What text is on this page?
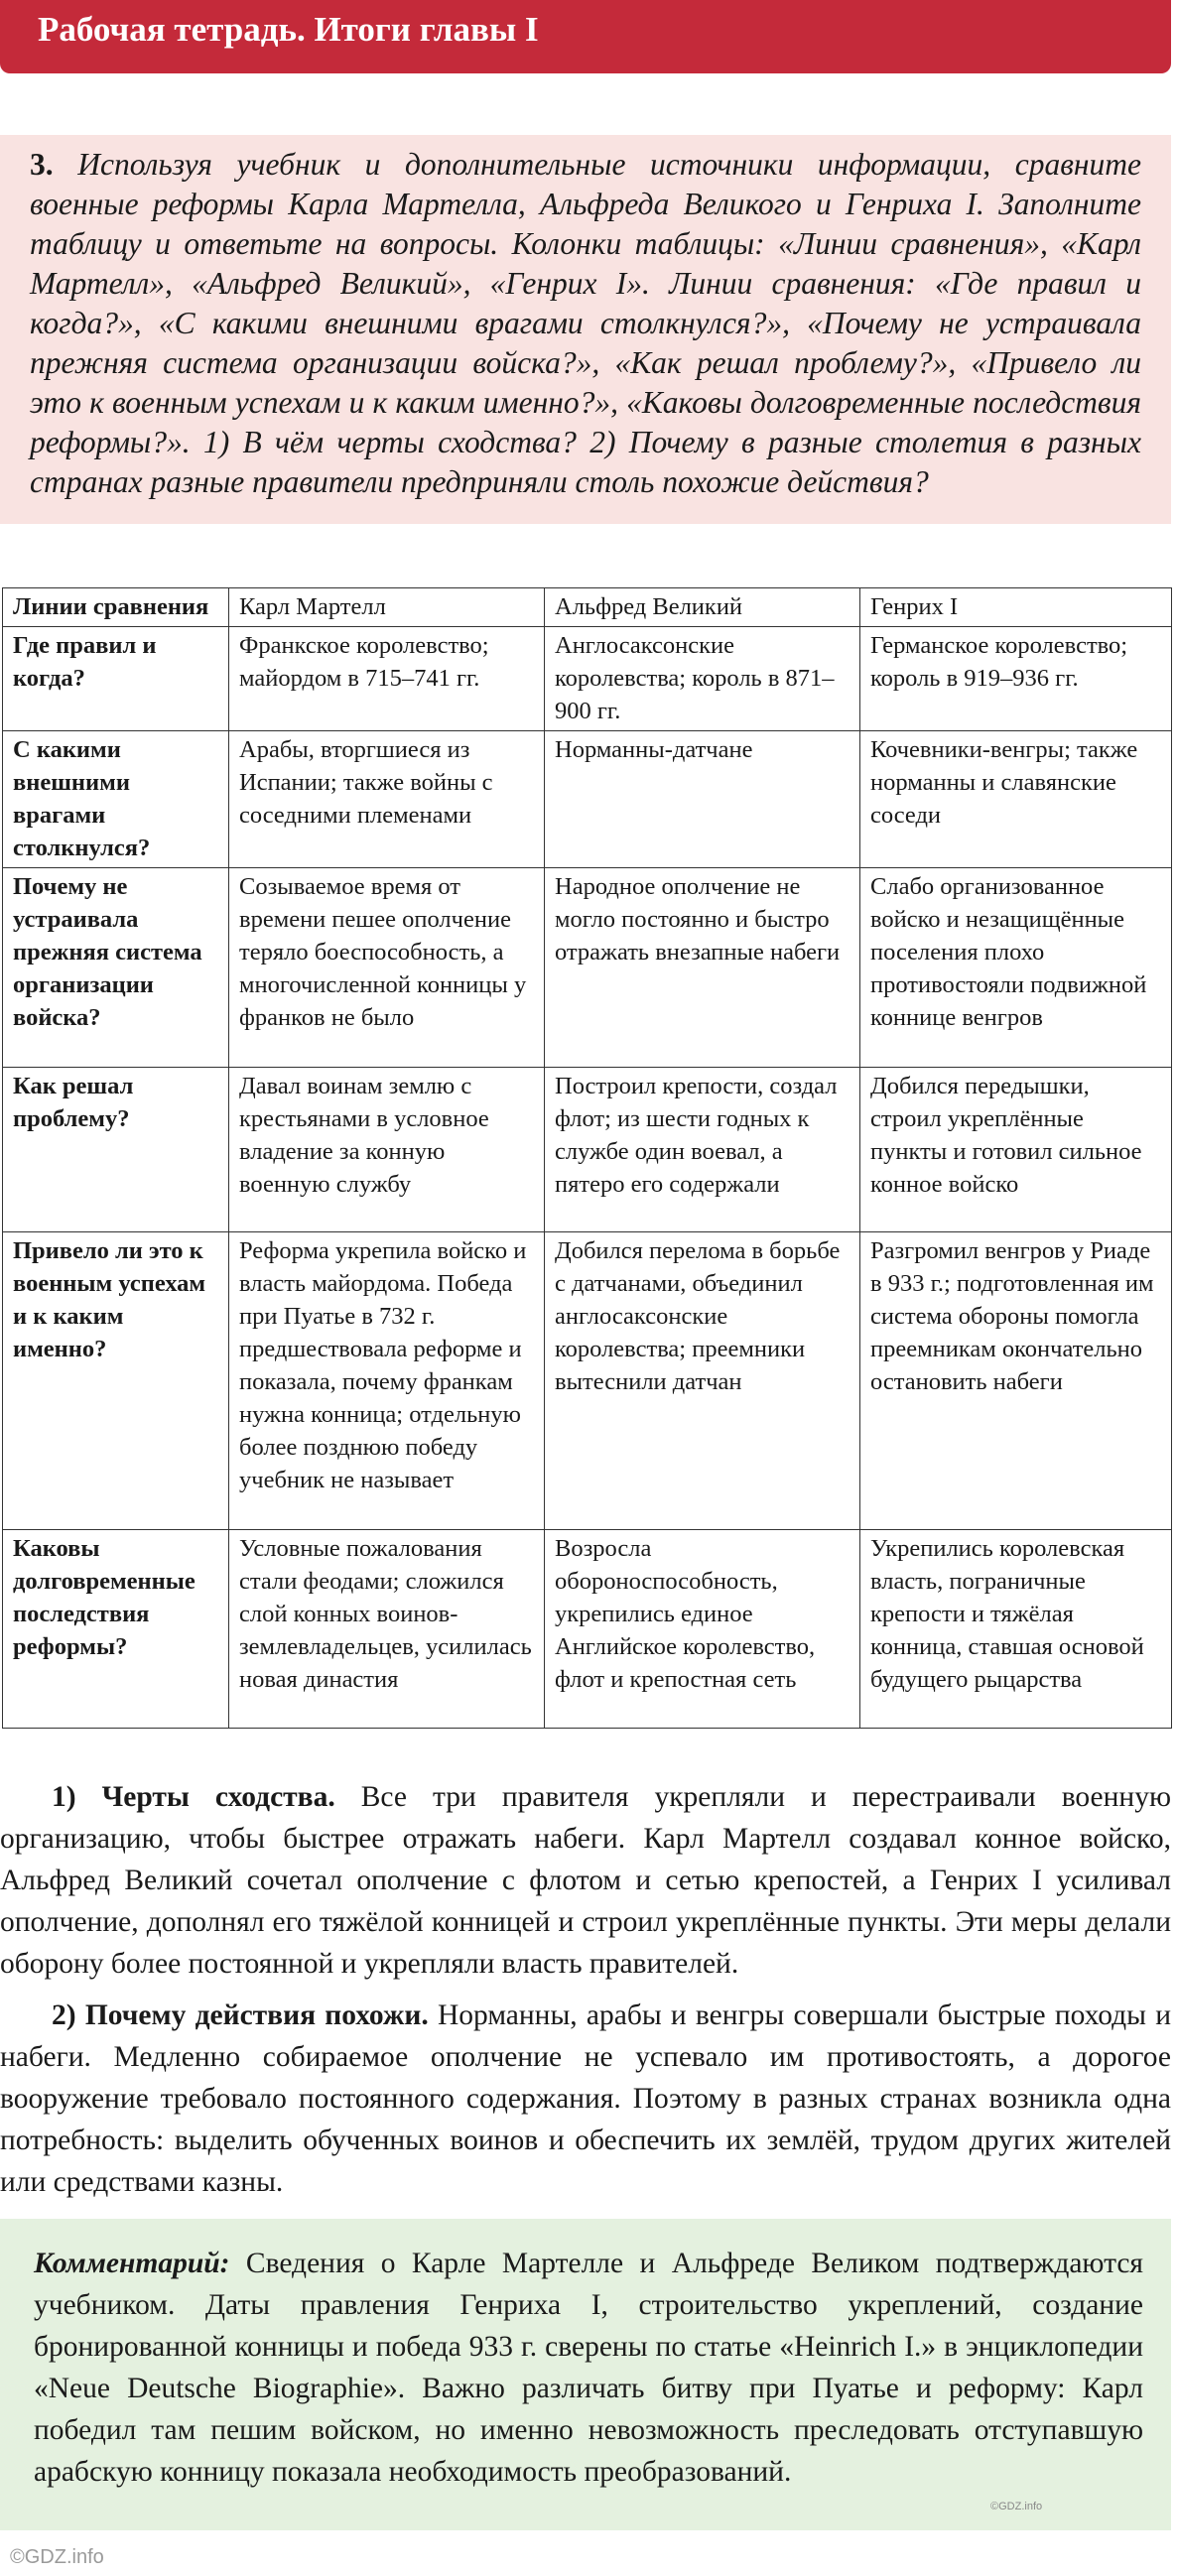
Рабочая тетрадь. Итоги главы I
3. Используя учебник и дополнительные источники информации, сравните военные реформы Карла Мартелла, Альфреда Великого и Генриха I. Заполните таблицу и ответьте на вопросы. Колонки таблицы: «Линии сравнения», «Карл Мартелл», «Альфред Великий», «Генрих I». Линии сравнения: «Где правил и когда?», «С какими внешними врагами столкнулся?», «Почему не устраивала прежняя система организации войска?», «Как решал проблему?», «Привело ли это к военным успехам и к каким именно?», «Каковы долговременные последствия реформы?». 1) В чём черты сходства? 2) Почему в разные столетия в разных странах разные правители предприняли столь похожие действия?
Линии сравнения	Карл Мартелл	Альфред Великий	Генрих I
Где правил и когда?	Франкское королевство; майордом в 715–741 гг.	Англосаксонские королевства; король в 871–900 гг.	Германское королевство; король в 919–936 гг.
С какими внешними врагами столкнулся?	Арабы, вторгшиеся из Испании; также войны с соседними племенами	Норманны-датчане	Кочевники-венгры; также норманны и славянские соседи
Почему не устраивала прежняя система организации войска?	Созываемое время от времени пешее ополчение теряло боеспособность, а многочисленной конницы у франков не было	Народное ополчение не могло постоянно и быстро отражать внезапные набеги	Слабо организованное войско и незащищённые поселения плохо противостояли подвижной коннице венгров
Как решал проблему?	Давал воинам землю с крестьянами в условное владение за конную военную службу	Построил крепости, создал флот; из шести годных к службе один воевал, а пятеро его содержали	Добился передышки, строил укреплённые пункты и готовил сильное конное войско
Привело ли это к военным успехам и к каким именно?	Реформа укрепила войско и власть майордома. Победа при Пуатье в 732 г. предшествовала реформе и показала, почему франкам нужна конница; отдельную более позднюю победу учебник не называет	Добился перелома в борьбе с датчанами, объединил англосаксонские королевства; преемники вытеснили датчан	Разгромил венгров у Риаде в 933 г.; подготовленная им система обороны помогла преемникам окончательно остановить набеги
Каковы долговременные последствия реформы?	Условные пожалования стали феодами; сложился слой конных воинов-землевладельцев, усилилась новая династия	Возросла обороноспособность, укрепились единое Английское королевство, флот и крепостная сеть	Укрепились королевская власть, пограничные крепости и тяжёлая конница, ставшая основой будущего рыцарства

1) Черты сходства. Все три правителя укрепляли и перестраивали военную организацию, чтобы быстрее отражать набеги. Карл Мартелл создавал конное войско, Альфред Великий сочетал ополчение с флотом и сетью крепостей, а Генрих I усиливал ополчение, дополнял его тяжёлой конницей и строил укреплённые пункты. Эти меры делали оборону более постоянной и укрепляли власть правителей.

2) Почему действия похожи. Норманны, арабы и венгры совершали быстрые походы и набеги. Медленно собираемое ополчение не успевало им противостоять, а дорогое вооружение требовало постоянного содержания. Поэтому в разных странах возникла одна потребность: выделить обученных воинов и обеспечить их землёй, трудом других жителей или средствами казны.

Комментарий: Сведения о Карле Мартелле и Альфреде Великом подтверждаются учебником. Даты правления Генриха I, строительство укреплений, создание бронированной конницы и победа 933 г. сверены по статье «Heinrich I.» в энциклопедии «Neue Deutsche Biographie». Важно различать битву при Пуатье и реформу: Карл победил там пешим войском, но именно невозможность преследовать отступавшую арабскую конницу показала необходимость преобразований.
©GDZ.info
©GDZ.info
